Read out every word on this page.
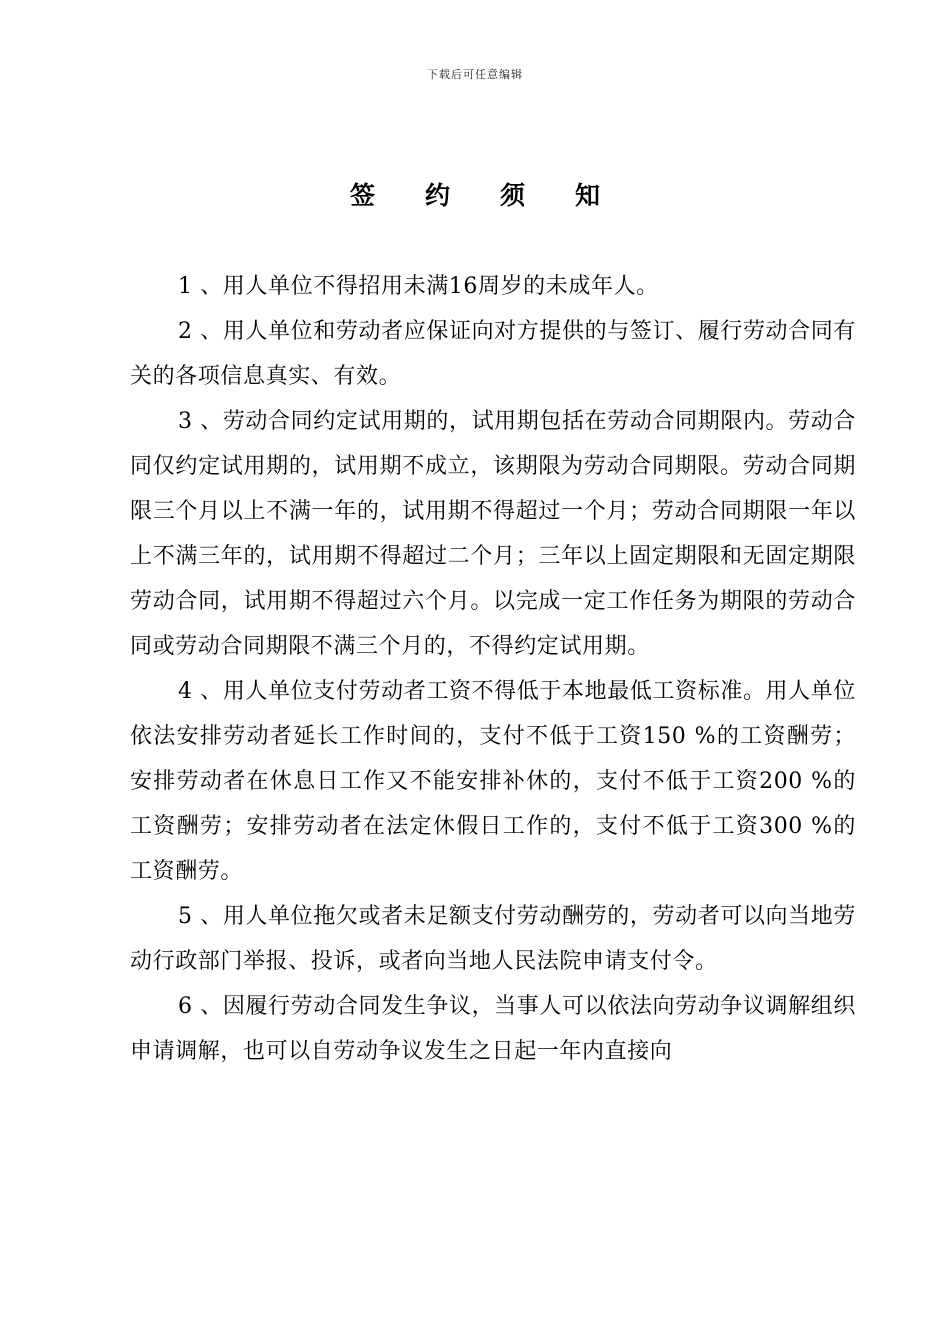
下载后可任意编辑
签约须知

1 、用人单位不得招用未满16周岁的未成年人。

2 、用人单位和劳动者应保证向对方提供的与签订、履行劳动合同有关的各项信息真实、有效。

3 、劳动合同约定试用期的，试用期包括在劳动合同期限内。劳动合同仅约定试用期的，试用期不成立，该期限为劳动合同期限。劳动合同期限三个月以上不满一年的，试用期不得超过一个月；劳动合同期限一年以上不满三年的，试用期不得超过二个月；三年以上固定期限和无固定期限劳动合同，试用期不得超过六个月。以完成一定工作任务为期限的劳动合同或劳动合同期限不满三个月的，不得约定试用期。

4 、用人单位支付劳动者工资不得低于本地最低工资标准。用人单位依法安排劳动者延长工作时间的，支付不低于工资150 %的工资酬劳；安排劳动者在休息日工作又不能安排补休的，支付不低于工资200 %的工资酬劳；安排劳动者在法定休假日工作的，支付不低于工资300 %的工资酬劳。

5 、用人单位拖欠或者未足额支付劳动酬劳的，劳动者可以向当地劳动行政部门举报、投诉，或者向当地人民法院申请支付令。

6 、因履行劳动合同发生争议，当事人可以依法向劳动争议调解组织申请调解，也可以自劳动争议发生之日起一年内直接向
